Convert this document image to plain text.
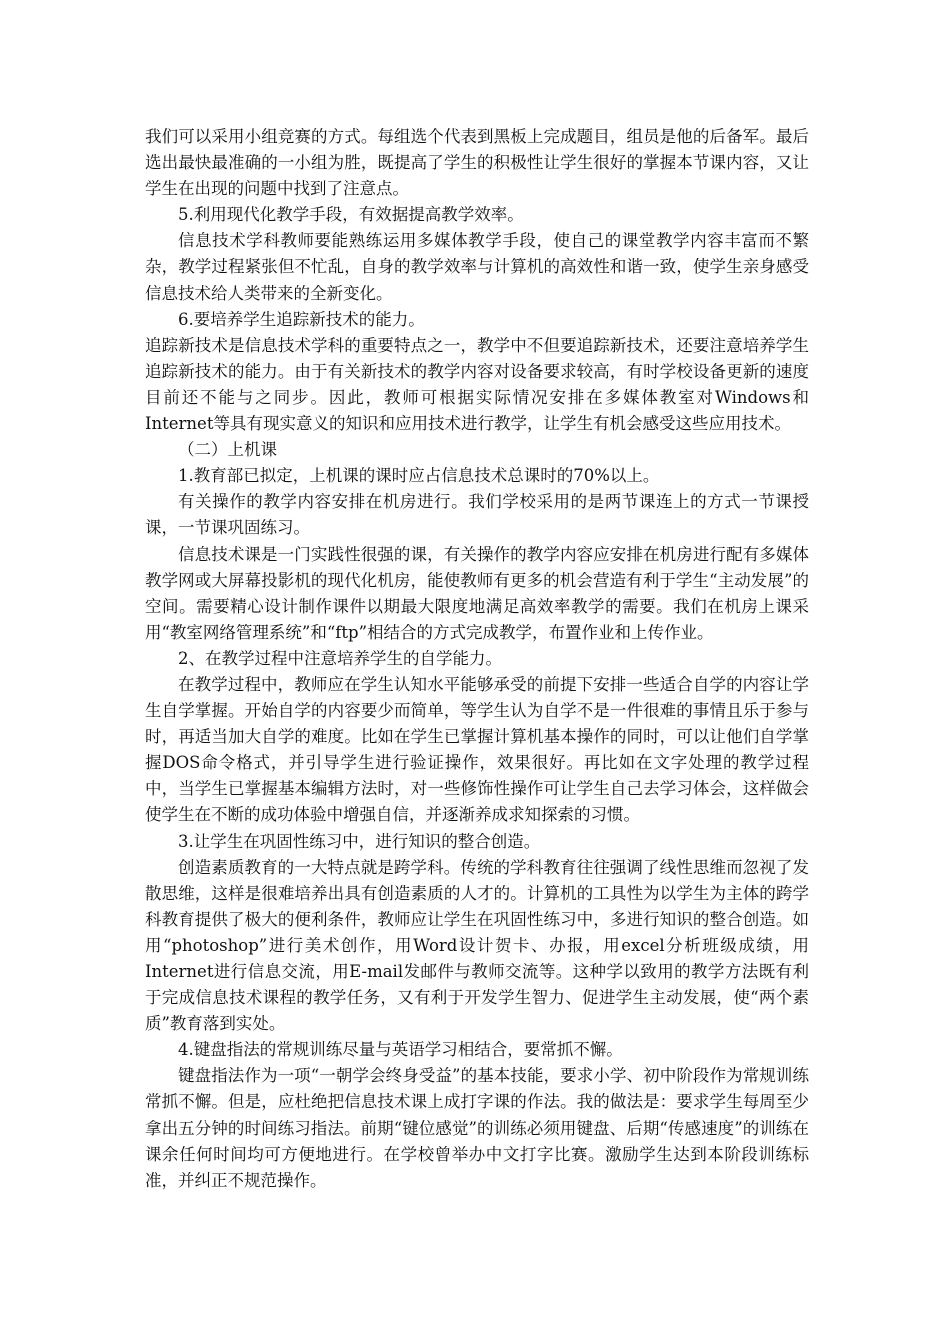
我们可以采用小组竞赛的方式。每组选个代表到黑板上完成题目，组员是他的后备军。最后选出最快最准确的一小组为胜，既提高了学生的积极性让学生很好的掌握本节课内容，又让学生在出现的问题中找到了注意点。

5.利用现代化教学手段，有效据提高教学效率。

信息技术学科教师要能熟练运用多媒体教学手段，使自己的课堂教学内容丰富而不繁杂，教学过程紧张但不忙乱，自身的教学效率与计算机的高效性和谐一致，使学生亲身感受信息技术给人类带来的全新变化。

6.要培养学生追踪新技术的能力。

追踪新技术是信息技术学科的重要特点之一，教学中不但要追踪新技术，还要注意培养学生追踪新技术的能力。由于有关新技术的教学内容对设备要求较高，有时学校设备更新的速度目前还不能与之同步。因此，教师可根据实际情况安排在多媒体教室对Windows和Internet等具有现实意义的知识和应用技术进行教学，让学生有机会感受这些应用技术。

（二）上机课

1.教育部已拟定，上机课的课时应占信息技术总课时的70%以上。

有关操作的教学内容安排在机房进行。我们学校采用的是两节课连上的方式一节课授课，一节课巩固练习。

信息技术课是一门实践性很强的课，有关操作的教学内容应安排在机房进行配有多媒体教学网或大屏幕投影机的现代化机房，能使教师有更多的机会营造有利于学生“主动发展”的空间。需要精心设计制作课件以期最大限度地满足高效率教学的需要。我们在机房上课采用“教室网络管理系统”和“ftp”相结合的方式完成教学，布置作业和上传作业。

2、在教学过程中注意培养学生的自学能力。

在教学过程中，教师应在学生认知水平能够承受的前提下安排一些适合自学的内容让学生自学掌握。开始自学的内容要少而简单，等学生认为自学不是一件很难的事情且乐于参与时，再适当加大自学的难度。比如在学生已掌握计算机基本操作的同时，可以让他们自学掌握DOS命令格式，并引导学生进行验证操作，效果很好。再比如在文字处理的教学过程中，当学生已掌握基本编辑方法时，对一些修饰性操作可让学生自己去学习体会，这样做会使学生在不断的成功体验中增强自信，并逐渐养成求知探索的习惯。

3.让学生在巩固性练习中，进行知识的整合创造。

创造素质教育的一大特点就是跨学科。传统的学科教育往往强调了线性思维而忽视了发散思维，这样是很难培养出具有创造素质的人才的。计算机的工具性为以学生为主体的跨学科教育提供了极大的便利条件，教师应让学生在巩固性练习中，多进行知识的整合创造。如用“photoshop”进行美术创作，用Word设计贺卡、办报，用excel分析班级成绩，用Internet进行信息交流，用E-mail发邮件与教师交流等。这种学以致用的教学方法既有利于完成信息技术课程的教学任务，又有利于开发学生智力、促进学生主动发展，使“两个素质”教育落到实处。

4.键盘指法的常规训练尽量与英语学习相结合，要常抓不懈。

键盘指法作为一项“一朝学会终身受益”的基本技能，要求小学、初中阶段作为常规训练常抓不懈。但是，应杜绝把信息技术课上成打字课的作法。我的做法是：要求学生每周至少拿出五分钟的时间练习指法。前期“键位感觉”的训练必须用键盘、后期“传感速度”的训练在课余任何时间均可方便地进行。在学校曾举办中文打字比赛。激励学生达到本阶段训练标准，并纠正不规范操作。
